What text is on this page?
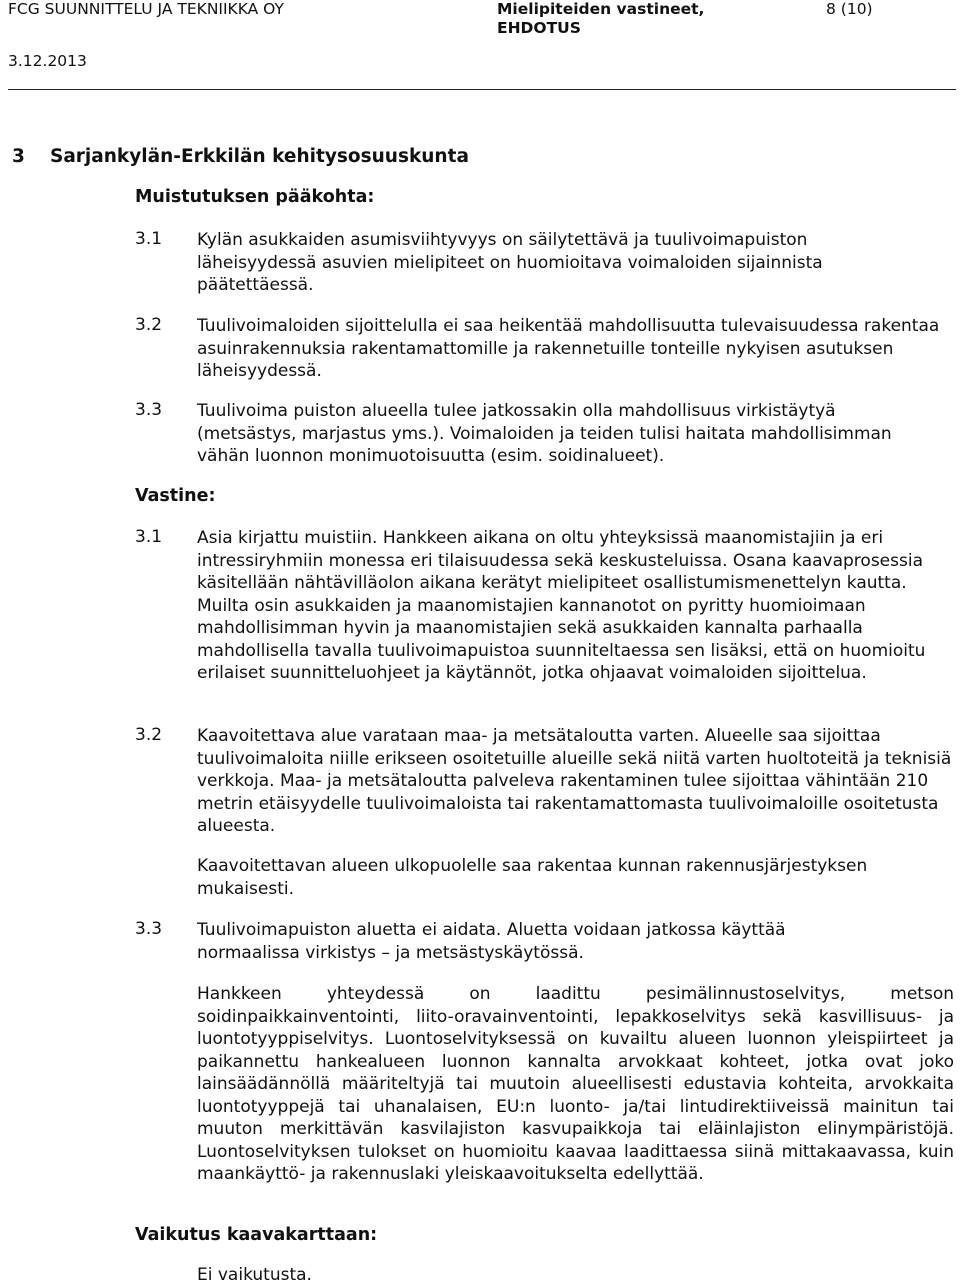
FCG SUUNNITTELU JA TEKNIIKKA OY	Mielipiteiden vastineet,
EHDOTUS
8 (10)
3.12.2013
3 Sarjankylän-Erkkilän kehitysosuuskunta
Muistutuksen pääkohta:
3.1 Kylän asukkaiden asumisviihtyvyys on säilytettävä ja tuulivoimapuiston läheisyydessä asuvien mielipiteet on huomioitava voimaloiden sijainnista päätettäessä.
3.2 Tuulivoimaloiden sijoittelulla ei saa heikentää mahdollisuutta tulevaisuudessa rakentaa asuinrakennuksia rakentamattomille ja rakennetuille tonteille nykyisen asutuksen läheisyydessä.
3.3 Tuulivoima puiston alueella tulee jatkossakin olla mahdollisuus virkistäytyä (metsästys, marjastus yms.). Voimaloiden ja teiden tulisi haitata mahdollisimman vähän luonnon monimuotoisuutta (esim. soidinalueet).
Vastine:
3.1 Asia kirjattu muistiin. Hankkeen aikana on oltu yhteyksissä maanomistajiin ja eri intressiryhmiin monessa eri tilaisuudessa sekä keskusteluissa. Osana kaavaprosessia käsitellään nähtävilläolon aikana kerätyt mielipiteet osallistumismenettelyn kautta. Muilta osin asukkaiden ja maanomistajien kannanotot on pyritty huomioimaan mahdollisimman hyvin ja maanomistajien sekä asukkaiden kannalta parhaalla mahdollisella tavalla tuulivoimapuistoa suunniteltaessa sen lisäksi, että on huomioitu erilaiset suunnitteluohjeet ja käytännöt, jotka ohjaavat voimaloiden sijoittelua.
3.2 Kaavoitettava alue varataan maa- ja metsätaloutta varten. Alueelle saa sijoittaa tuulivoimaloita niille erikseen osoitetuille alueille sekä niitä varten huoltoteitä ja teknisiä verkkoja. Maa- ja metsätaloutta palveleva rakentaminen tulee sijoittaa vähintään 210 metrin etäisyydelle tuulivoimaloista tai rakentamattomasta tuulivoimaloille osoitetusta alueesta.
Kaavoitettavan alueen ulkopuolelle saa rakentaa kunnan rakennusjärjestyksen mukaisesti.
3.3 Tuulivoimapuiston aluetta ei aidata. Aluetta voidaan jatkossa käyttää normaalissa virkistys – ja metsästyskäytössä.
Hankkeen yhteydessä on laadittu pesimälinnustoselvitys, metson soidinpaikkainventointi, liito-oravainventointi, lepakkoselvitys sekä kasvillisuus- ja luontotyyppiselvitys. Luontoselvityksessä on kuvailtu alueen luonnon yleispiirteet ja paikannettu hankealueen luonnon kannalta arvokkaat kohteet, jotka ovat joko lainsäädännöllä määriteltyjä tai muutoin alueellisesti edustavia kohteita, arvokkaita luontotyyppejä tai uhanalaisen, EU:n luonto- ja/tai lintudirektiiveissä mainitun tai muuton merkittävän kasvilajiston kasvupaikkoja tai eläinlajiston elinympäristöjä. Luontoselvityksen tulokset on huomioitu kaavaa laadittaessa siinä mittakaavassa, kuin maankäyttö- ja rakennuslaki yleiskaavoitukselta edellyttää.
Vaikutus kaavakarttaan:
Ei vaikutusta.
